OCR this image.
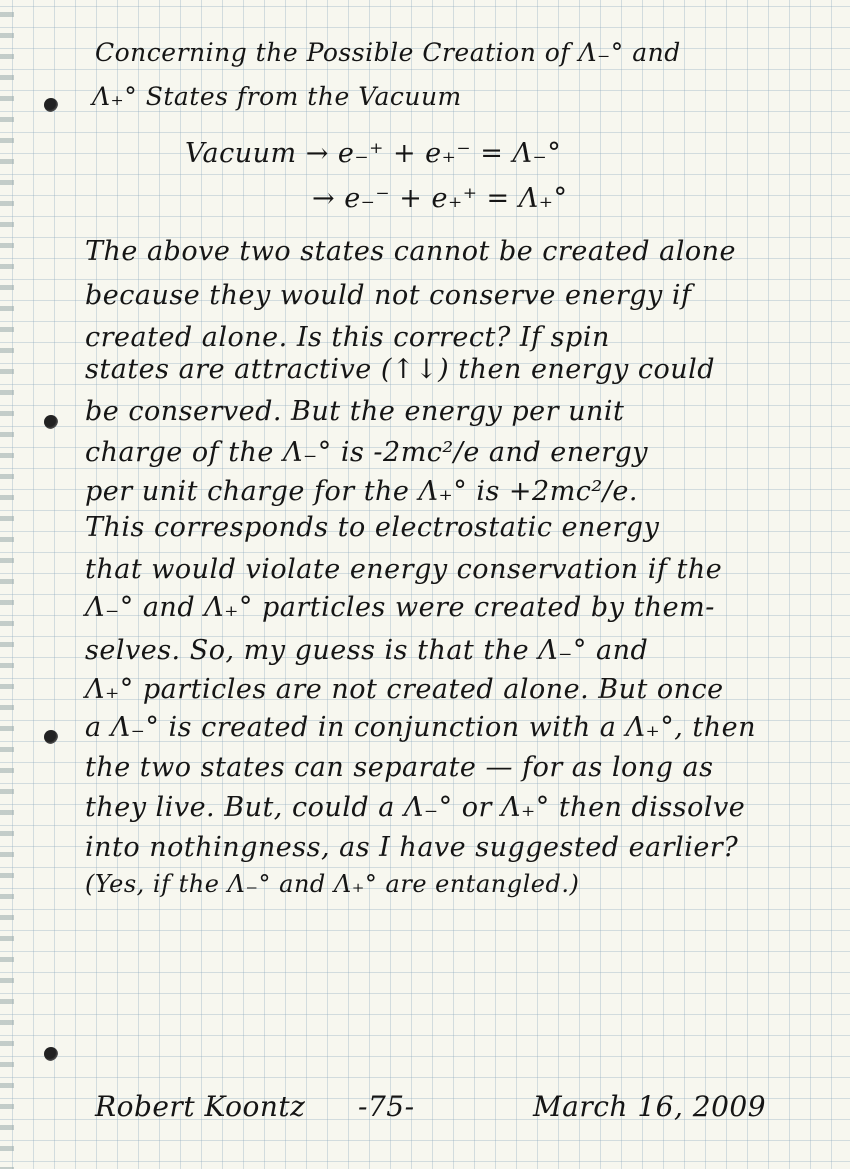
Concerning the Possible Creation of Λ₋° and
Λ₊° States from the Vacuum
Vacuum → e₋⁺ + e₊⁻ = Λ₋°
→ e₋⁻ + e₊⁺ = Λ₊°
The above two states cannot be created alone
because they would not conserve energy if
created alone. Is this correct? If spin
states are attractive (↑↓) then energy could
be conserved. But the energy per unit
charge of the Λ₋° is -2mc²/e and energy
per unit charge for the Λ₊° is +2mc²/e.
This corresponds to electrostatic energy
that would violate energy conservation if the
Λ₋° and Λ₊° particles were created by them-
selves. So, my guess is that the Λ₋° and
Λ₊° particles are not created alone. But once
a Λ₋° is created in conjunction with a Λ₊°, then
the two states can separate — for as long as
they live. But, could a Λ₋° or Λ₊° then dissolve
into nothingness, as I have suggested earlier?
(Yes, if the Λ₋° and Λ₊° are entangled.)
Robert Koontz -75-	March 16, 2009
